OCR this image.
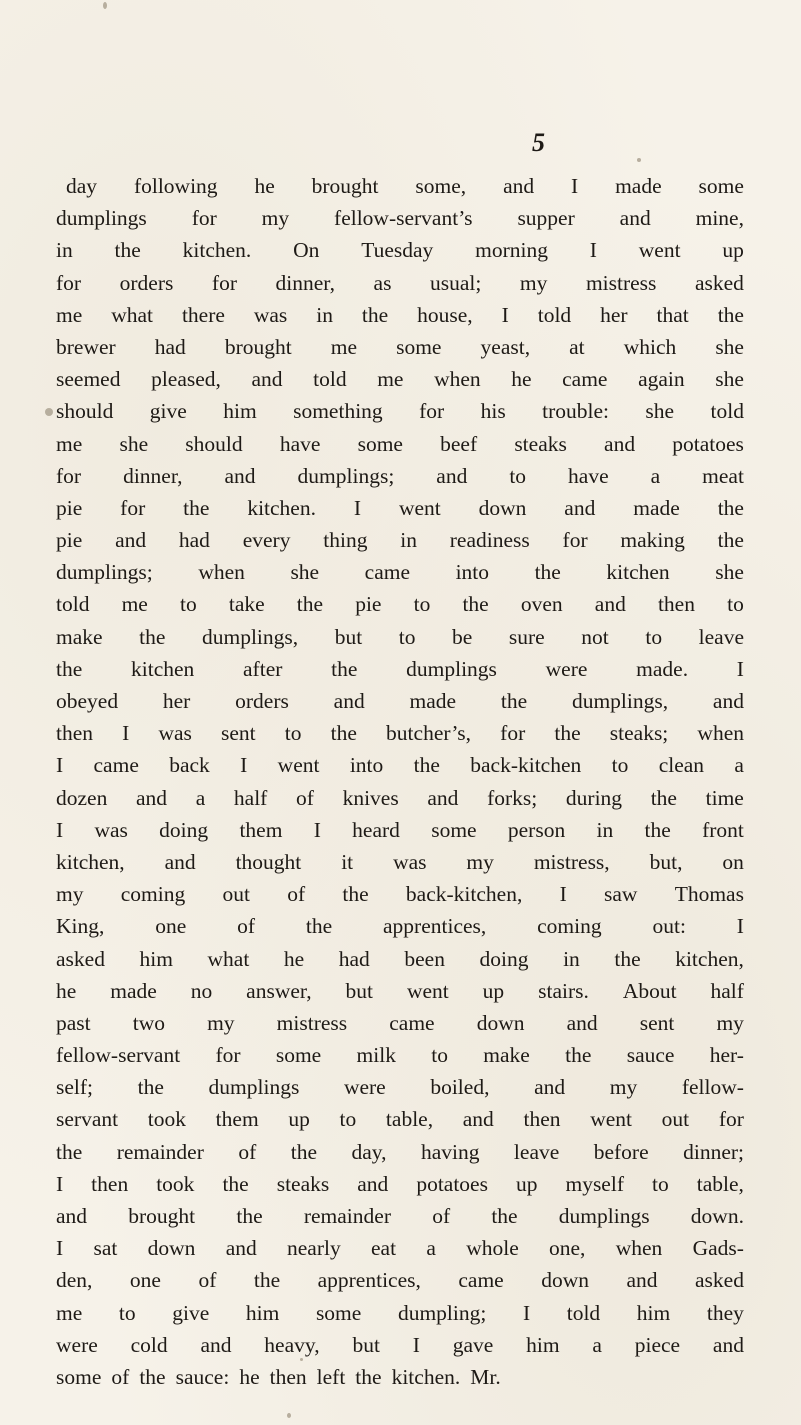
5
day following he brought some, and I made some
dumplings for my fellow-servant’s supper and mine,
in the kitchen. On Tuesday morning I went up
for orders for dinner, as usual; my mistress asked
me what there was in the house, I told her that the
brewer had brought me some yeast, at which she
seemed pleased, and told me when he came again she
should give him something for his trouble: she told
me she should have some beef steaks and potatoes
for dinner, and dumplings; and to have a meat
pie for the kitchen. I went down and made the
pie and had every thing in readiness for making the
dumplings; when she came into the kitchen she
told me to take the pie to the oven and then to
make the dumplings, but to be sure not to leave
the kitchen after the dumplings were made. I
obeyed her orders and made the dumplings, and
then I was sent to the butcher’s, for the steaks; when
I came back I went into the back-kitchen to clean a
dozen and a half of knives and forks; during the time
I was doing them I heard some person in the front
kitchen, and thought it was my mistress, but, on
my coming out of the back-kitchen, I saw Thomas
King, one of the apprentices, coming out: I
asked him what he had been doing in the kitchen,
he made no answer, but went up stairs. About half
past two my mistress came down and sent my
fellow-servant for some milk to make the sauce her-
self; the dumplings were boiled, and my fellow-
servant took them up to table, and then went out for
the remainder of the day, having leave before dinner;
I then took the steaks and potatoes up myself to table,
and brought the remainder of the dumplings down.
I sat down and nearly eat a whole one, when Gads-
den, one of the apprentices, came down and asked
me to give him some dumpling; I told him they
were cold and heavy, but I gave him a piece and
some of the sauce: he then left the kitchen. Mr.
